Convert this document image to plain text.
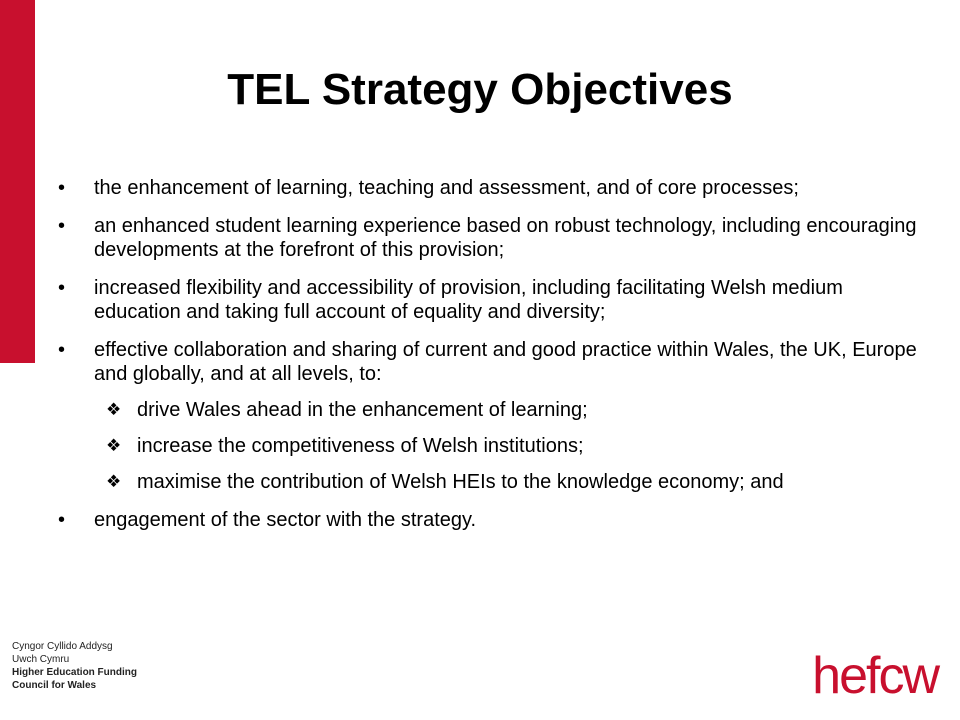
TEL Strategy Objectives
• the enhancement of learning, teaching and assessment, and of core processes;
• an enhanced student learning experience based on robust technology, including encouraging developments at the forefront of this provision;
• increased flexibility and accessibility of provision, including facilitating Welsh medium education and taking full account of equality and diversity;
• effective collaboration and sharing of current and good practice within Wales, the UK, Europe and globally, and at all levels, to:
❖ drive Wales ahead in the enhancement of learning;
❖ increase the competitiveness of Welsh institutions;
❖ maximise the contribution of Welsh HEIs to the knowledge economy; and
• engagement of the sector with the strategy.
Cyngor Cyllido Addysg
Uwch Cymru
Higher Education Funding
Council for Wales	hefcw
